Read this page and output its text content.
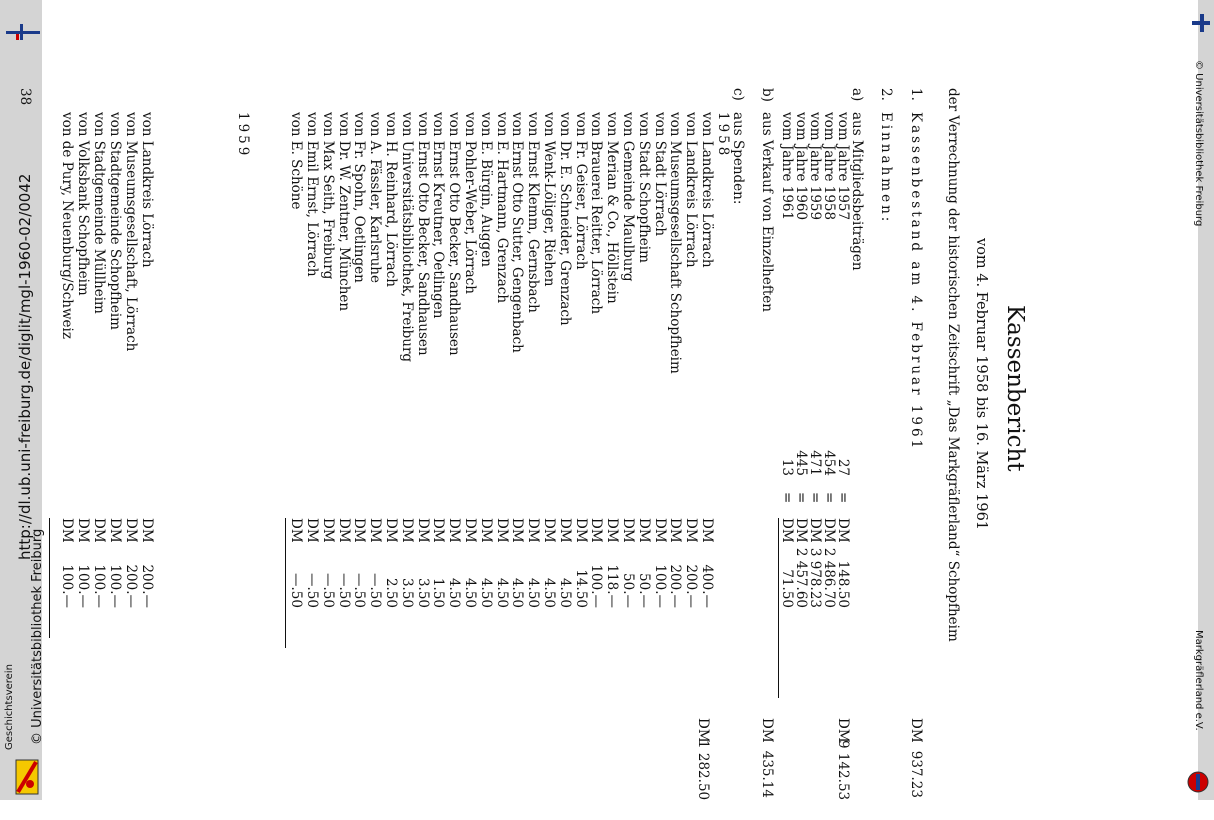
Geschichtsverein © Universitätsbibliothek Freiburg
http://dl.ub.uni-freiburg.de/diglit/mgl-1960-02/0042
Markgräflerland e.V.
© Universitätsbibliothek Freiburg
Kassenbericht
vom 4. Februar 1958 bis 16. März 1961
der Verrechnung der historischen Zeitschrift „Das Markgräflerland“ Schopfheim
1.
Kassenbestand am 4. Februar 1961
DM
937.23
2.
Einnahmen:
a)
aus Mitgliedsbeiträgen
vom Jahre 1957
27
=
DM
148.50
vom Jahre 1958
454
=
DM
2 486.70
vom Jahre 1959
471
=
DM
3 978.23
vom Jahre 1960
445
=
DM
2 457.60
vom Jahre 1961
13
=
DM
71.50
DM
9 142.53
b)
aus Verkauf von Einzelheften
c)
aus Spenden:
1958
von Landkreis Lörrach
DM
400.—
von Landkreis Lörrach
DM
200.—
von Museumsgesellschaft Schopfheim
DM
200.—
von Stadt Lörrach
DM
100.—
von Stadt Schopfheim
DM
50.—
von Gemeinde Maulburg
DM
50.—
von Merian & Co., Höllstein
DM
118.—
von Brauerei Reitter, Lörrach
DM
100.—
von Fr. Geiser, Lörrach
DM
14.50
von Dr. E. Schneider, Grenzach
DM
4.50
von Wenk-Löliger, Riehen
DM
4.50
von Ernst Klemm, Gernsbach
DM
4.50
von Ernst Otto Sutter, Gengenbach
DM
4.50
von E. Hartmann, Grenzach
DM
4.50
von E. Bürgin, Auggen
DM
4.50
von Pohler-Weber, Lörrach
DM
4.50
von Ernst Otto Becker, Sandhausen
DM
4.50
von Ernst Kreutner, Oetlingen
DM
1.50
von Ernst Otto Becker, Sandhausen
DM
3.50
von Universitätsbibliothek, Freiburg
DM
3.50
von H. Reinhard, Lörrach
DM
2.50
von A. Fässler, Karlsruhe
DM
—.50
von Fr. Spohn, Oetlingen
DM
—.50
von Dr. W. Zentner, München
DM
—.50
von Max Seith, Freiburg
DM
—.50
von Emil Ernst, Lörrach
DM
—.50
von E. Schöne
DM
—.50
1959
von Landkreis Lörrach
DM
200.—
von Museumsgesellschaft, Lörrach
DM
200.—
von Stadtgemeinde Schopfheim
DM
100.—
von Stadtgemeinde Müllheim
DM
100.—
von Volksbank Schopfheim
DM
100.—
von de Pury, Neuenburg/Schweiz
DM
100.—
38
DM
435.14
DM
1 282.50
